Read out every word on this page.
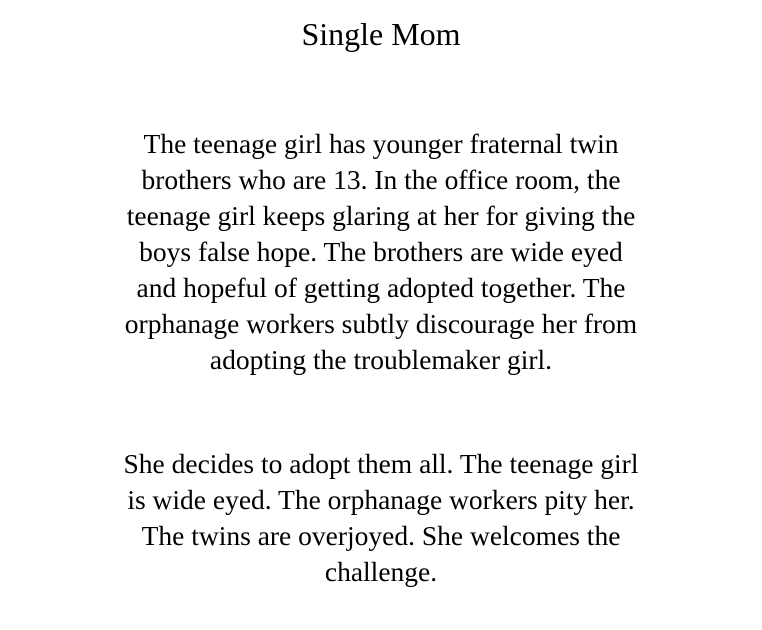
Single Mom

The teenage girl has younger fraternal twin
brothers who are 13. In the office room, the
teenage girl keeps glaring at her for giving the
boys false hope. The brothers are wide eyed
and hopeful of getting adopted together. The
orphanage workers subtly discourage her from
adopting the troublemaker girl.

She decides to adopt them all. The teenage girl
is wide eyed. The orphanage workers pity her.
The twins are overjoyed. She welcomes the
challenge.
